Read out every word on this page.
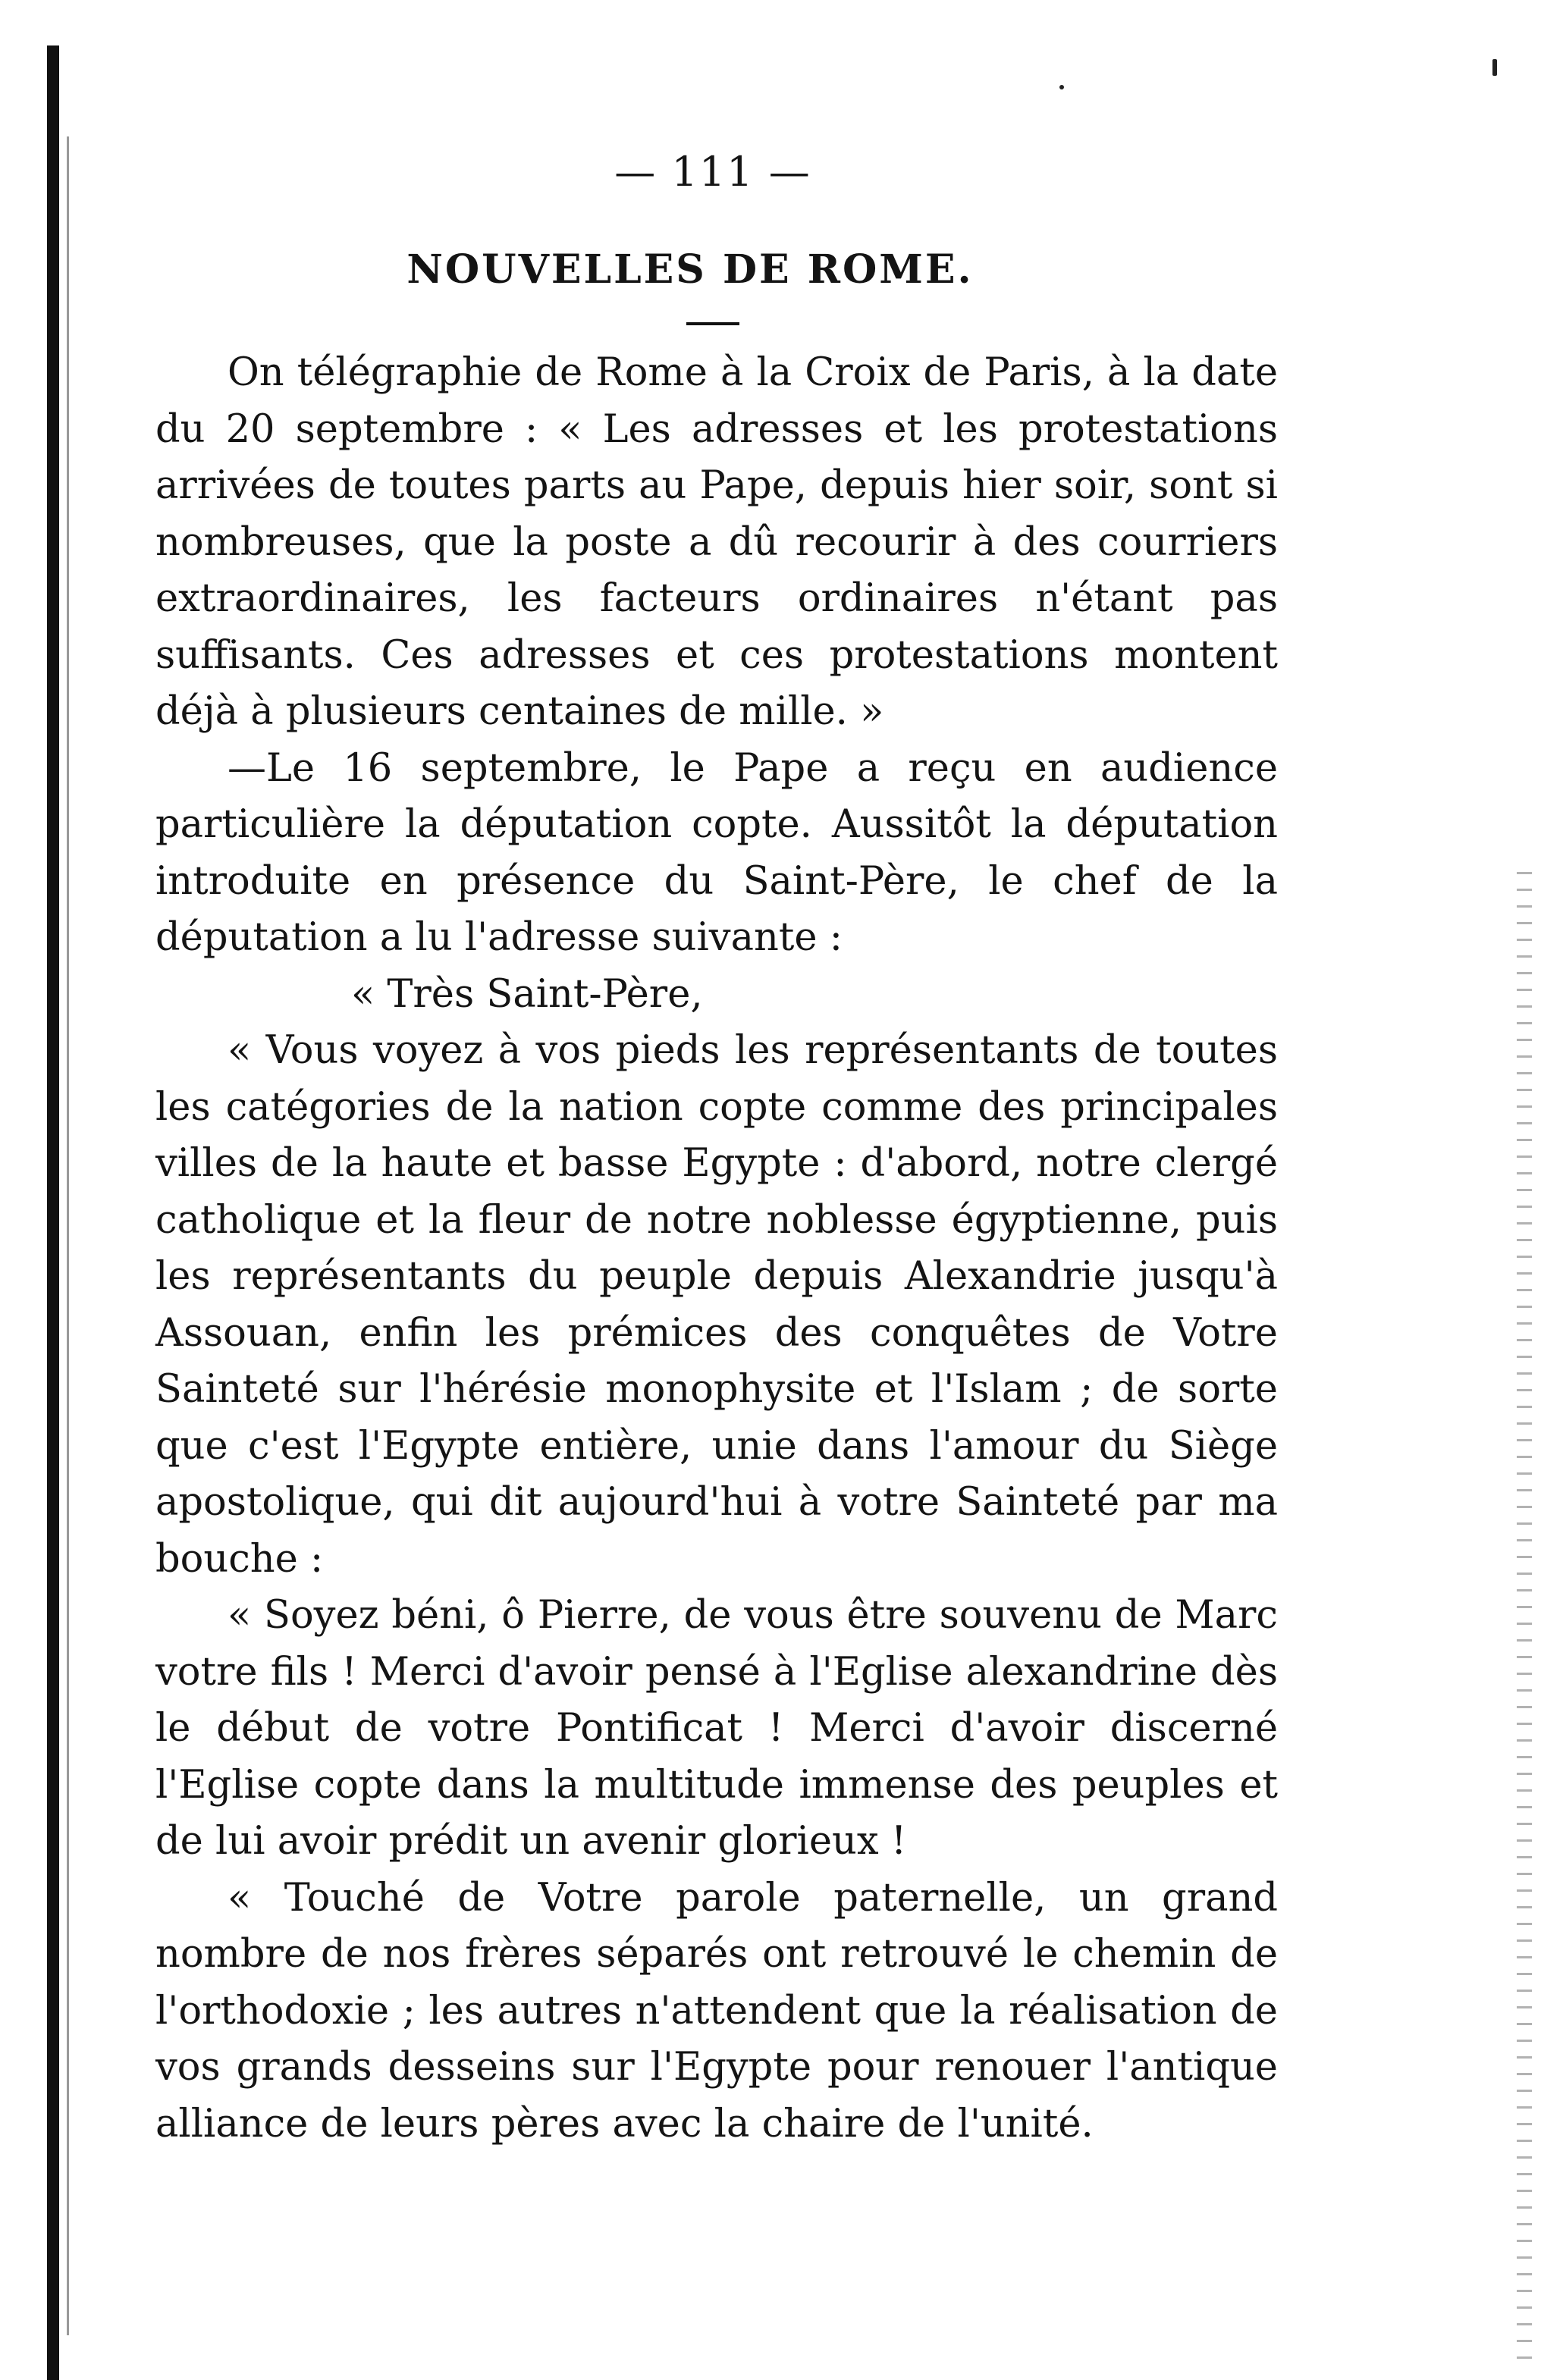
— 111 —
NOUVELLES DE ROME.

On télégraphie de Rome à la Croix de Paris, à la date du 20 septembre : « Les adresses et les protestations arrivées de toutes parts au Pape, depuis hier soir, sont si nombreuses, que la poste a dû recourir à des courriers extraordinaires, les facteurs ordinaires n'étant pas suffisants. Ces adresses et ces protestations montent déjà à plusieurs centaines de mille. »

—Le 16 septembre, le Pape a reçu en audience particulière la députation copte. Aussitôt la députation introduite en présence du Saint-Père, le chef de la députation a lu l'adresse suivante :

« Très Saint-Père,

« Vous voyez à vos pieds les représentants de toutes les catégories de la nation copte comme des principales villes de la haute et basse Egypte : d'abord, notre clergé catholique et la fleur de notre noblesse égyptienne, puis les représentants du peuple depuis Alexandrie jusqu'à Assouan, enfin les prémices des conquêtes de Votre Sainteté sur l'hérésie monophysite et l'Islam ; de sorte que c'est l'Egypte entière, unie dans l'amour du Siège apostolique, qui dit aujourd'hui à votre Sainteté par ma bouche :

« Soyez béni, ô Pierre, de vous être souvenu de Marc votre fils ! Merci d'avoir pensé à l'Eglise alexandrine dès le début de votre Pontificat ! Merci d'avoir discerné l'Eglise copte dans la multitude immense des peuples et de lui avoir prédit un avenir glorieux !

« Touché de Votre parole paternelle, un grand nombre de nos frères séparés ont retrouvé le chemin de l'orthodoxie ; les autres n'attendent que la réalisation de vos grands desseins sur l'Egypte pour renouer l'antique alliance de leurs pères avec la chaire de l'unité.
